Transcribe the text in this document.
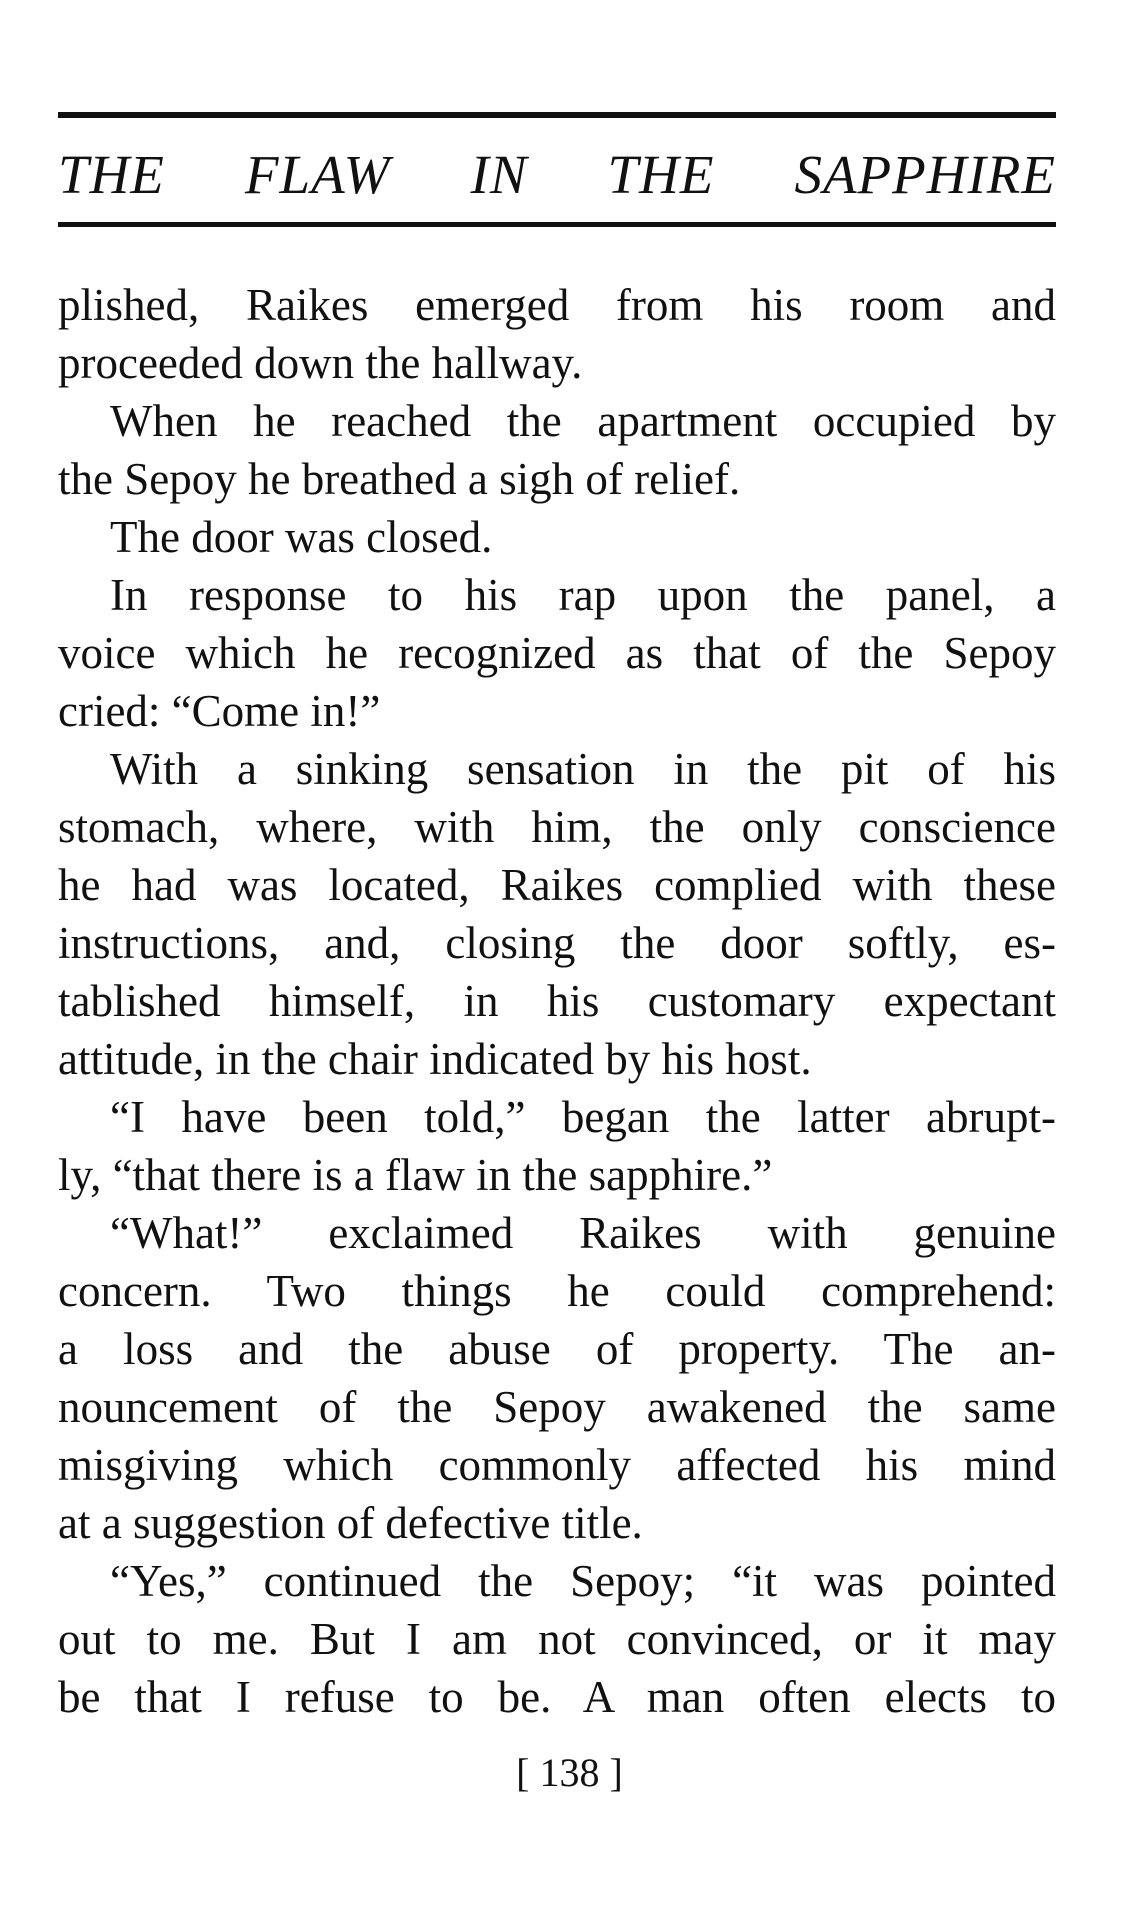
THE FLAW IN THE SAPPHIRE
plished, Raikes emerged from his room and
proceeded down the hallway.
When he reached the apartment occupied by
the Sepoy he breathed a sigh of relief.
The door was closed.
In response to his rap upon the panel, a
voice which he recognized as that of the Sepoy
cried: “Come in!”
With a sinking sensation in the pit of his
stomach, where, with him, the only conscience
he had was located, Raikes complied with these
instructions, and, closing the door softly, es-
tablished himself, in his customary expectant
attitude, in the chair indicated by his host.
“I have been told,” began the latter abrupt-
ly, “that there is a flaw in the sapphire.”
“What!” exclaimed Raikes with genuine
concern. Two things he could comprehend:
a loss and the abuse of property. The an-
nouncement of the Sepoy awakened the same
misgiving which commonly affected his mind
at a suggestion of defective title.
“Yes,” continued the Sepoy; “it was pointed
out to me. But I am not convinced, or it may
be that I refuse to be. A man often elects to
[ 138 ]
